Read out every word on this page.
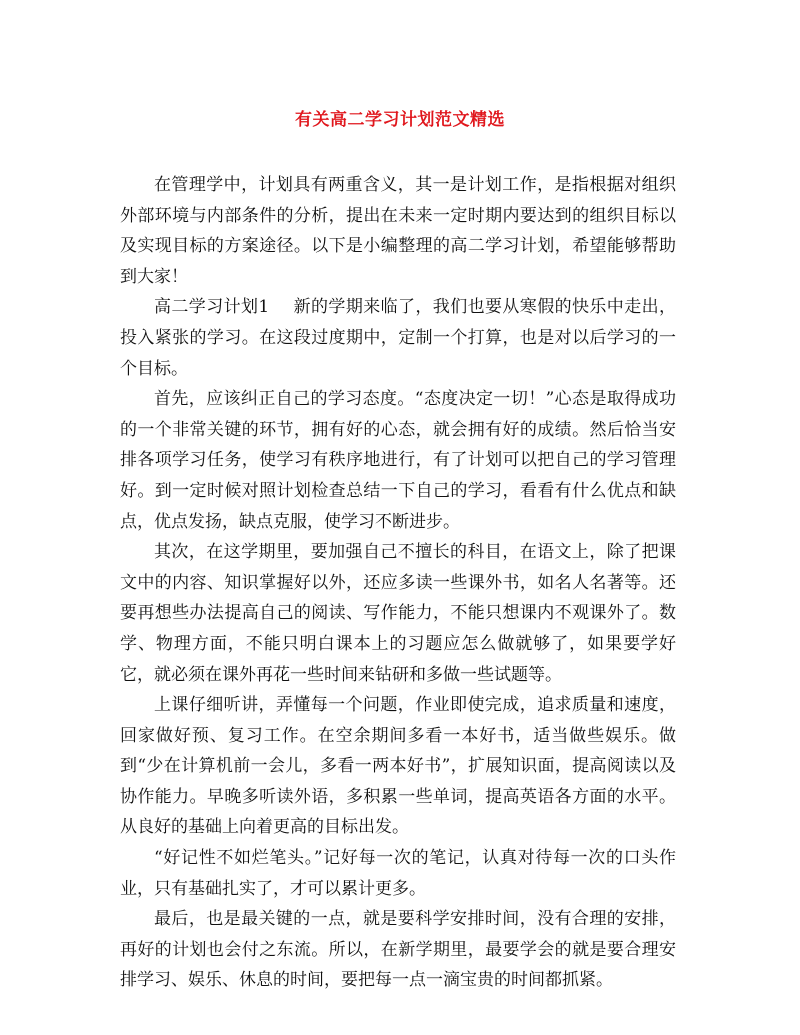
有关高二学习计划范文精选

在管理学中，计划具有两重含义，其一是计划工作，是指根据对组织外部环境与内部条件的分析，提出在未来一定时期内要达到的组织目标以及实现目标的方案途径。以下是小编整理的高二学习计划，希望能够帮助到大家！

高二学习计划1 新的学期来临了，我们也要从寒假的快乐中走出，投入紧张的学习。在这段过度期中，定制一个打算，也是对以后学习的一个目标。

首先，应该纠正自己的学习态度。“态度决定一切！”心态是取得成功的一个非常关键的环节，拥有好的心态，就会拥有好的成绩。然后恰当安排各项学习任务，使学习有秩序地进行，有了计划可以把自己的学习管理好。到一定时候对照计划检查总结一下自己的学习，看看有什么优点和缺点，优点发扬，缺点克服，使学习不断进步。

其次，在这学期里，要加强自己不擅长的科目，在语文上，除了把课文中的内容、知识掌握好以外，还应多读一些课外书，如名人名著等。还要再想些办法提高自己的阅读、写作能力，不能只想课内不观课外了。数学、物理方面，不能只明白课本上的习题应怎么做就够了，如果要学好它，就必须在课外再花一些时间来钻研和多做一些试题等。

上课仔细听讲，弄懂每一个问题，作业即使完成，追求质量和速度，回家做好预、复习工作。在空余期间多看一本好书，适当做些娱乐。做到“少在计算机前一会儿，多看一两本好书”，扩展知识面，提高阅读以及协作能力。早晚多听读外语，多积累一些单词，提高英语各方面的水平。从良好的基础上向着更高的目标出发。

“好记性不如烂笔头。”记好每一次的笔记，认真对待每一次的口头作业，只有基础扎实了，才可以累计更多。

最后，也是最关键的一点，就是要科学安排时间，没有合理的安排，再好的计划也会付之东流。所以，在新学期里，最要学会的就是要合理安排学习、娱乐、休息的时间，要把每一点一滴宝贵的时间都抓紧。
